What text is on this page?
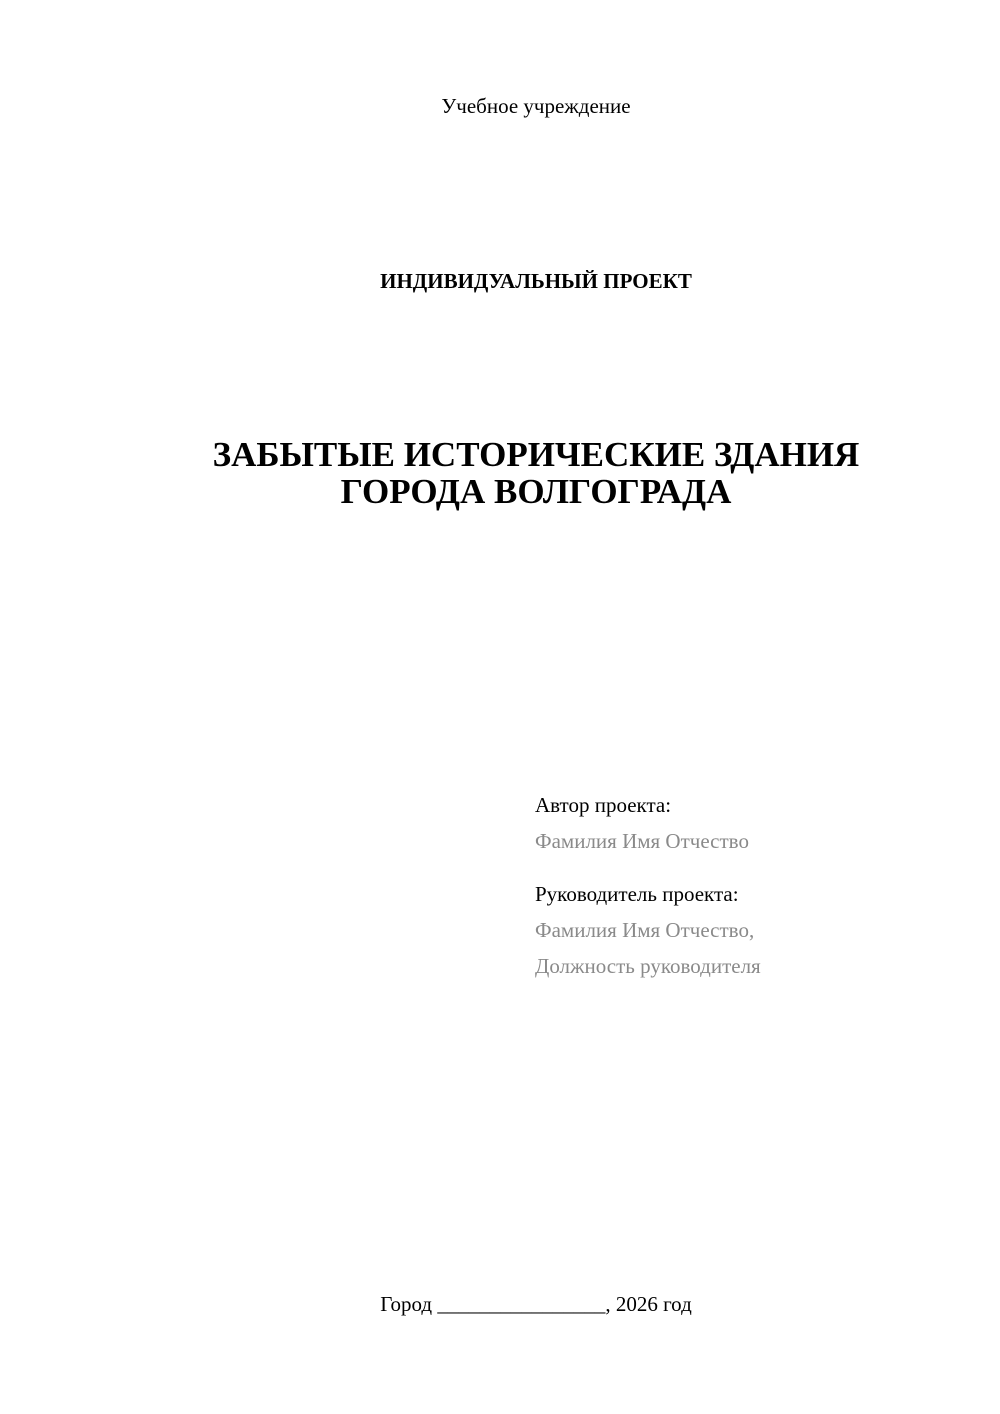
Учебное учреждение
ИНДИВИДУАЛЬНЫЙ ПРОЕКТ
ЗАБЫТЫЕ ИСТОРИЧЕСКИЕ ЗДАНИЯ
ГОРОДА ВОЛГОГРАДА
Автор проекта:
Фамилия Имя Отчество
Руководитель проекта:
Фамилия Имя Отчество,
Должность руководителя
Город ________________, 2026 год
